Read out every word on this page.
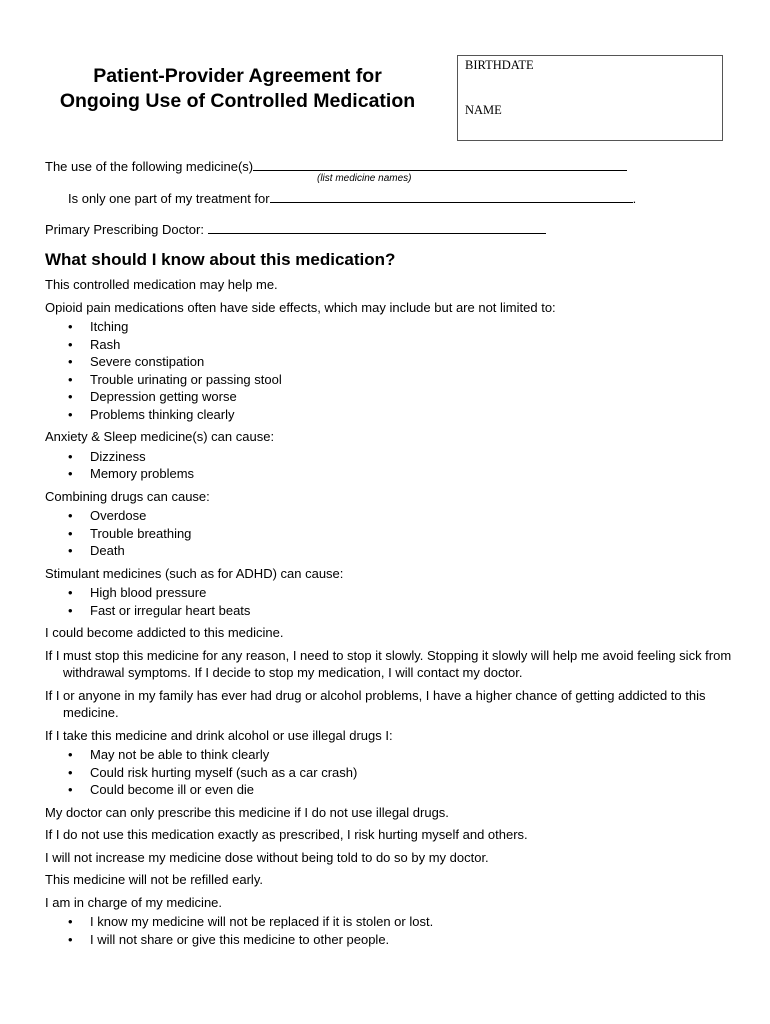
Patient-Provider Agreement for
Ongoing Use of Controlled Medication
BIRTHDATE
NAME
The use of the following medicine(s)
(list medicine names)
Is only one part of my treatment for	.
Primary Prescribing Doctor:
What should I know about this medication?
This controlled medication may help me.
Opioid pain medications often have side effects, which may include but are not limited to:
• Itching
• Rash
• Severe constipation
• Trouble urinating or passing stool
• Depression getting worse
• Problems thinking clearly
Anxiety & Sleep medicine(s) can cause:
• Dizziness
• Memory problems
Combining drugs can cause:
• Overdose
• Trouble breathing
• Death
Stimulant medicines (such as for ADHD) can cause:
• High blood pressure
• Fast or irregular heart beats
I could become addicted to this medicine.
If I must stop this medicine for any reason, I need to stop it slowly. Stopping it slowly will help me avoid feeling sick from withdrawal symptoms. If I decide to stop my medication, I will contact my doctor.
If I or anyone in my family has ever had drug or alcohol problems, I have a higher chance of getting addicted to this medicine.
If I take this medicine and drink alcohol or use illegal drugs I:
• May not be able to think clearly
• Could risk hurting myself (such as a car crash)
• Could become ill or even die
My doctor can only prescribe this medicine if I do not use illegal drugs.
If I do not use this medication exactly as prescribed, I risk hurting myself and others.
I will not increase my medicine dose without being told to do so by my doctor.
This medicine will not be refilled early.
I am in charge of my medicine.
• I know my medicine will not be replaced if it is stolen or lost.
• I will not share or give this medicine to other people.
